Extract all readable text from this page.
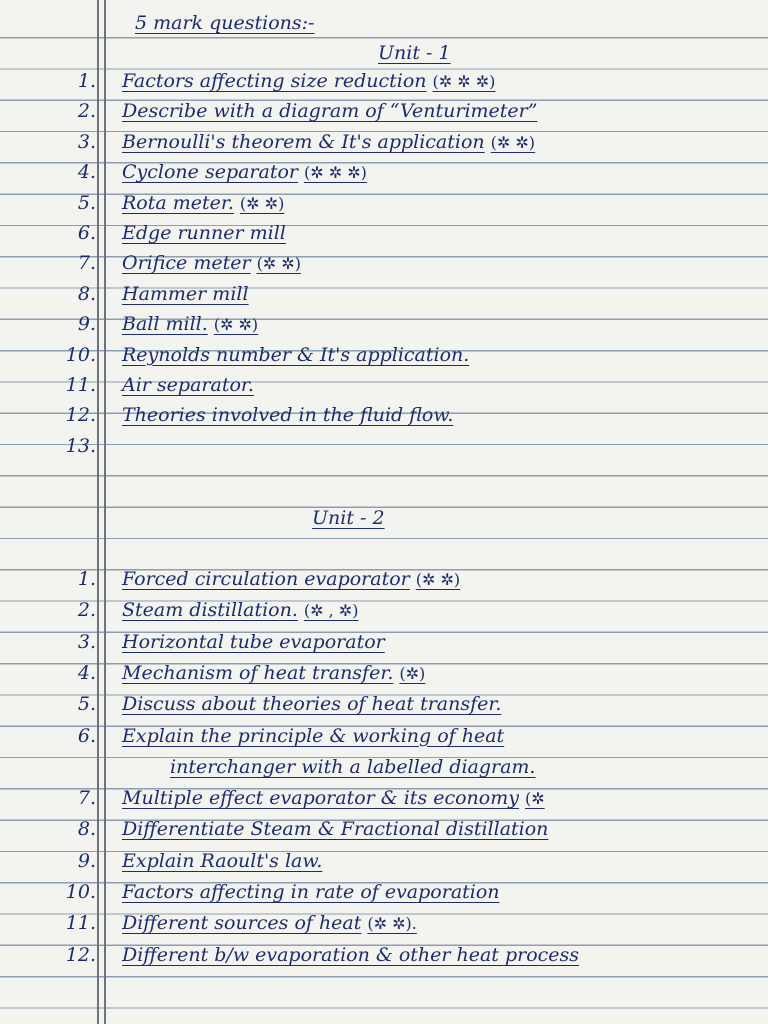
5 mark questions:-
Unit - 1
1. Factors affecting size reduction (✲ ✲ ✲)
2. Describe with a diagram of “Venturimeter”
3. Bernoulli's theorem & It's application (✲ ✲)
4. Cyclone separator (✲ ✲ ✲)
5. Rota meter. (✲ ✲)
6. Edge runner mill
7. Orifice meter (✲ ✲)
8. Hammer mill
9. Ball mill. (✲ ✲)
10. Reynolds number & It's application.
11. Air separator.
12. Theories involved in the fluid flow.
13.
Unit - 2
1. Forced circulation evaporator (✲ ✲)
2. Steam distillation. (✲ , ✲)
3. Horizontal tube evaporator
4. Mechanism of heat transfer. (✲)
5. Discuss about theories of heat transfer.
6. Explain the principle & working of heat
interchanger with a labelled diagram.
7. Multiple effect evaporator & its economy (✲
8. Differentiate Steam & Fractional distillation
9. Explain Raoult's law.
10. Factors affecting in rate of evaporation
11. Different sources of heat (✲ ✲).
12. Different b/w evaporation & other heat process
